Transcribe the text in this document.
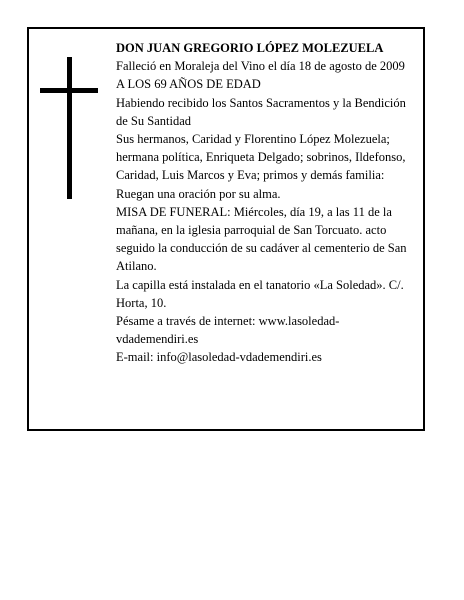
DON JUAN GREGORIO LÓPEZ MOLEZUELA

Falleció en Moraleja del Vino el día 18 de agosto de 2009

A LOS 69 AÑOS DE EDAD

Habiendo recibido los Santos Sacramentos y la Bendición de Su Santidad

Sus hermanos, Caridad y Florentino López Molezuela; hermana política, Enriqueta Delgado; sobrinos, Ildefonso, Caridad, Luis Marcos y Eva; primos y demás familia:

Ruegan una oración por su alma.

MISA DE FUNERAL: Miércoles, día 19, a las 11 de la mañana, en la iglesia parroquial de San Torcuato. acto seguido la conducción de su cadáver al cementerio de San Atilano.

La capilla está instalada en el tanatorio «La Soledad». C/. Horta, 10.

Pésame a través de internet: www.lasoledad-vdademendiri.es

E-mail: info@lasoledad-vdademendiri.es
